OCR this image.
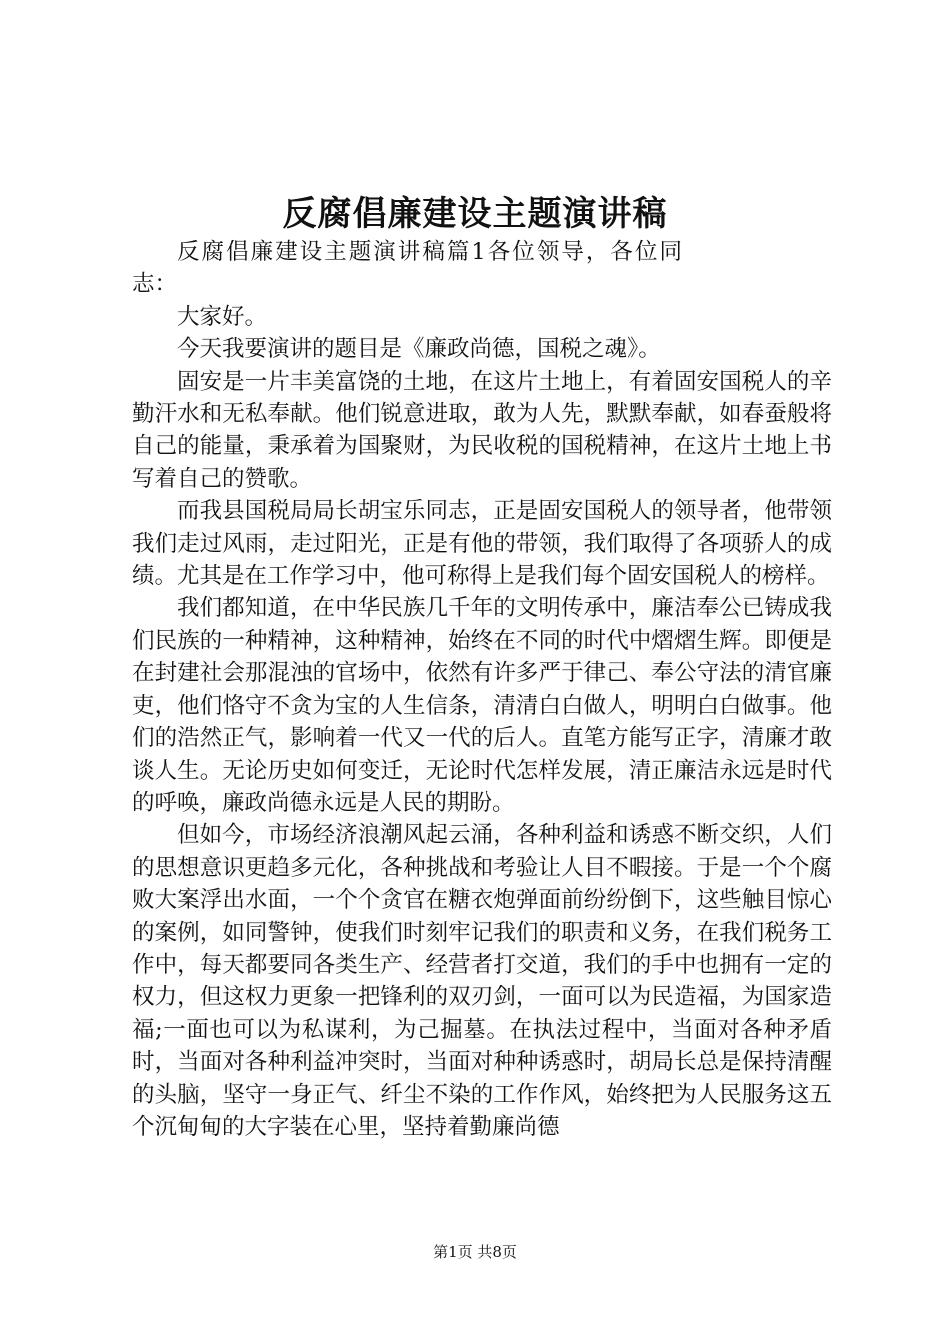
反腐倡廉建设主题演讲稿

反腐倡廉建设主题演讲稿篇1各位领导，各位同志：

大家好。

今天我要演讲的题目是《廉政尚德，国税之魂》。

固安是一片丰美富饶的土地，在这片土地上，有着固安国税人的辛勤汗水和无私奉献。他们锐意进取，敢为人先，默默奉献，如春蚕般将自己的能量，秉承着为国聚财，为民收税的国税精神，在这片土地上书写着自己的赞歌。

而我县国税局局长胡宝乐同志，正是固安国税人的领导者，他带领我们走过风雨，走过阳光，正是有他的带领，我们取得了各项骄人的成绩。尤其是在工作学习中，他可称得上是我们每个固安国税人的榜样。

我们都知道，在中华民族几千年的文明传承中，廉洁奉公已铸成我们民族的一种精神，这种精神，始终在不同的时代中熠熠生辉。即便是在封建社会那混浊的官场中，依然有许多严于律己、奉公守法的清官廉吏，他们恪守不贪为宝的人生信条，清清白白做人，明明白白做事。他们的浩然正气，影响着一代又一代的后人。直笔方能写正字，清廉才敢谈人生。无论历史如何变迁，无论时代怎样发展，清正廉洁永远是时代的呼唤，廉政尚德永远是人民的期盼。

但如今，市场经济浪潮风起云涌，各种利益和诱惑不断交织，人们的思想意识更趋多元化，各种挑战和考验让人目不暇接。于是一个个腐败大案浮出水面，一个个贪官在糖衣炮弹面前纷纷倒下，这些触目惊心的案例，如同警钟，使我们时刻牢记我们的职责和义务，在我们税务工作中，每天都要同各类生产、经营者打交道，我们的手中也拥有一定的权力，但这权力更象一把锋利的双刃剑，一面可以为民造福，为国家造福;一面也可以为私谋利，为己掘墓。在执法过程中，当面对各种矛盾时，当面对各种利益冲突时，当面对种种诱惑时，胡局长总是保持清醒的头脑，坚守一身正气、纤尘不染的工作作风，始终把为人民服务这五个沉甸甸的大字装在心里，坚持着勤廉尚德

第1页 共8页
